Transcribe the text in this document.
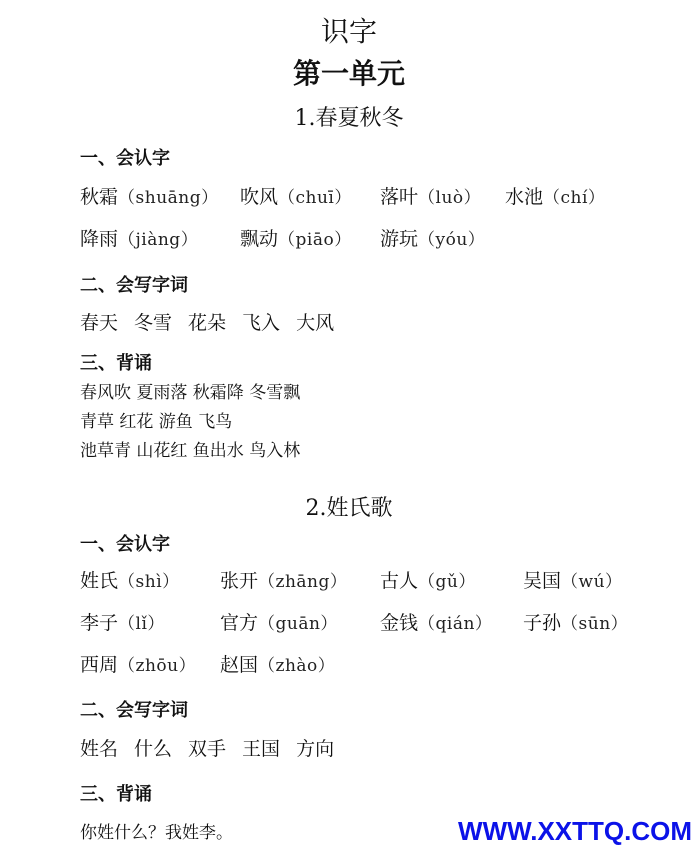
识字
第一单元
1.春夏秋冬
一、会认字
秋霜（shuāng） 吹风（chuī） 落叶（luò） 水池（chí）
降雨（jiàng） 飘动（piāo） 游玩（yóu）
二、会写字词
春天 冬雪 花朵 飞入 大风
三、背诵
春风吹 夏雨落 秋霜降 冬雪飘
青草 红花 游鱼 飞鸟
池草青 山花红 鱼出水 鸟入林
2.姓氏歌
一、会认字
姓氏（shì） 张开（zhāng） 古人（gǔ） 吴国（wú）
李子（lǐ）	官方（guān） 金钱（qián） 子孙（sūn）
西周（zhōu） 赵国（zhào）
二、会写字词
姓名 什么 双手 王国 方向
三、背诵
你姓什么？我姓李。	WWW.XXTTQ.COM
